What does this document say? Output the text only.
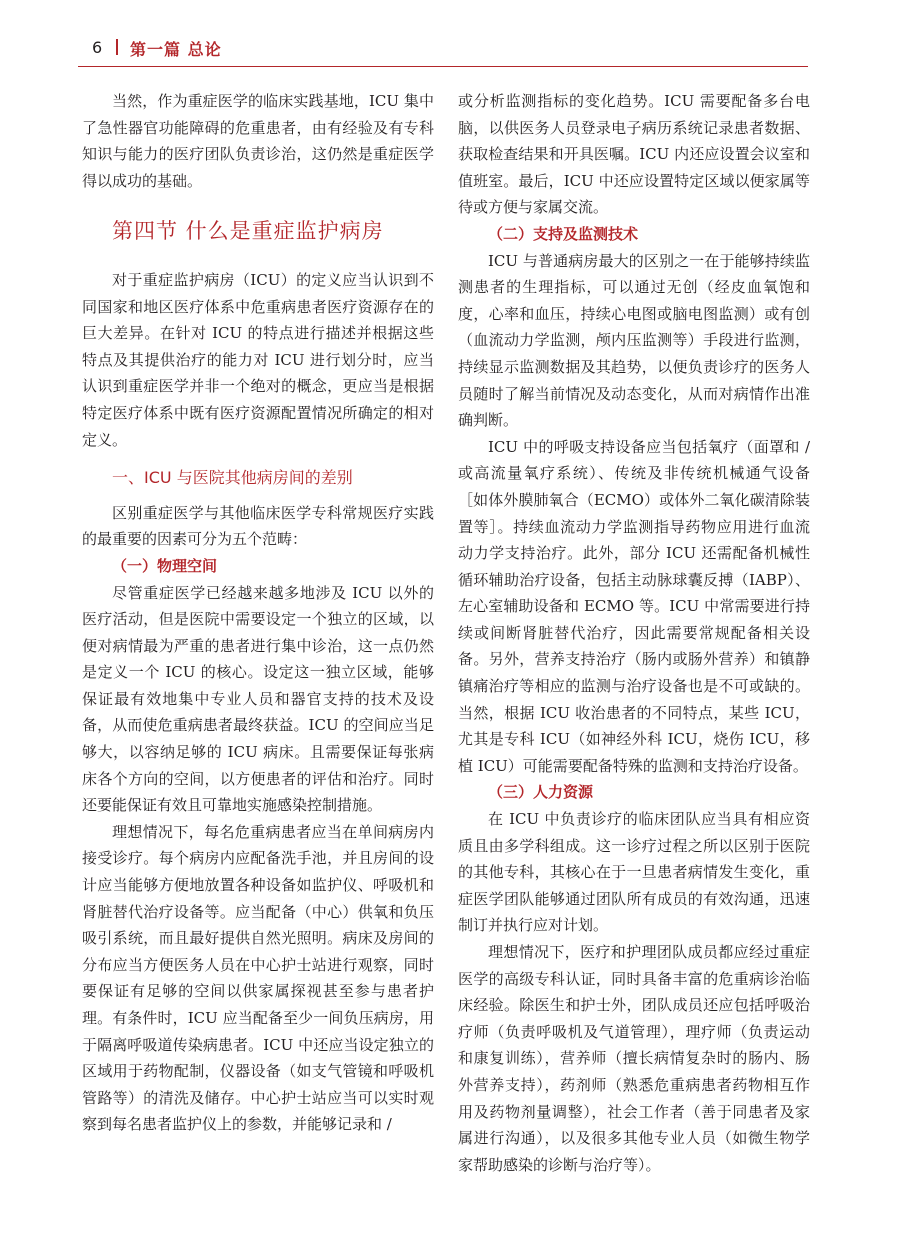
6 第一篇 总论

当然，作为重症医学的临床实践基地，ICU 集中了急性器官功能障碍的危重患者，由有经验及有专科知识与能力的医疗团队负责诊治，这仍然是重症医学得以成功的基础。

第四节 什么是重症监护病房

对于重症监护病房（ICU）的定义应当认识到不同国家和地区医疗体系中危重病患者医疗资源存在的巨大差异。在针对 ICU 的特点进行描述并根据这些特点及其提供治疗的能力对 ICU 进行划分时，应当认识到重症医学并非一个绝对的概念，更应当是根据特定医疗体系中既有医疗资源配置情况所确定的相对定义。

一、ICU 与医院其他病房间的差别

区别重症医学与其他临床医学专科常规医疗实践的最重要的因素可分为五个范畴：

（一）物理空间

尽管重症医学已经越来越多地涉及 ICU 以外的医疗活动，但是医院中需要设定一个独立的区域，以便对病情最为严重的患者进行集中诊治，这一点仍然是定义一个 ICU 的核心。设定这一独立区域，能够保证最有效地集中专业人员和器官支持的技术及设备，从而使危重病患者最终获益。ICU 的空间应当足够大，以容纳足够的 ICU 病床。且需要保证每张病床各个方向的空间，以方便患者的评估和治疗。同时还要能保证有效且可靠地实施感染控制措施。

理想情况下，每名危重病患者应当在单间病房内接受诊疗。每个病房内应配备洗手池，并且房间的设计应当能够方便地放置各种设备如监护仪、呼吸机和肾脏替代治疗设备等。应当配备（中心）供氧和负压吸引系统，而且最好提供自然光照明。病床及房间的分布应当方便医务人员在中心护士站进行观察，同时要保证有足够的空间以供家属探视甚至参与患者护理。有条件时，ICU 应当配备至少一间负压病房，用于隔离呼吸道传染病患者。ICU 中还应当设定独立的区域用于药物配制，仪器设备（如支气管镜和呼吸机管路等）的清洗及储存。中心护士站应当可以实时观察到每名患者监护仪上的参数，并能够记录和 /

或分析监测指标的变化趋势。ICU 需要配备多台电脑，以供医务人员登录电子病历系统记录患者数据、获取检查结果和开具医嘱。ICU 内还应设置会议室和值班室。最后，ICU 中还应设置特定区域以便家属等待或方便与家属交流。

（二）支持及监测技术

ICU 与普通病房最大的区别之一在于能够持续监测患者的生理指标，可以通过无创（经皮血氧饱和度，心率和血压，持续心电图或脑电图监测）或有创（血流动力学监测，颅内压监测等）手段进行监测，持续显示监测数据及其趋势，以便负责诊疗的医务人员随时了解当前情况及动态变化，从而对病情作出准确判断。

ICU 中的呼吸支持设备应当包括氧疗（面罩和 / 或高流量氧疗系统）、传统及非传统机械通气设备［如体外膜肺氧合（ECMO）或体外二氧化碳清除装置等］。持续血流动力学监测指导药物应用进行血流动力学支持治疗。此外，部分 ICU 还需配备机械性循环辅助治疗设备，包括主动脉球囊反搏（IABP）、左心室辅助设备和 ECMO 等。ICU 中常需要进行持续或间断肾脏替代治疗，因此需要常规配备相关设备。另外，营养支持治疗（肠内或肠外营养）和镇静镇痛治疗等相应的监测与治疗设备也是不可或缺的。当然，根据 ICU 收治患者的不同特点，某些 ICU，尤其是专科 ICU（如神经外科 ICU，烧伤 ICU，移植 ICU）可能需要配备特殊的监测和支持治疗设备。

（三）人力资源

在 ICU 中负责诊疗的临床团队应当具有相应资质且由多学科组成。这一诊疗过程之所以区别于医院的其他专科，其核心在于一旦患者病情发生变化，重症医学团队能够通过团队所有成员的有效沟通，迅速制订并执行应对计划。

理想情况下，医疗和护理团队成员都应经过重症医学的高级专科认证，同时具备丰富的危重病诊治临床经验。除医生和护士外，团队成员还应包括呼吸治疗师（负责呼吸机及气道管理），理疗师（负责运动和康复训练），营养师（擅长病情复杂时的肠内、肠外营养支持），药剂师（熟悉危重病患者药物相互作用及药物剂量调整），社会工作者（善于同患者及家属进行沟通），以及很多其他专业人员（如微生物学家帮助感染的诊断与治疗等）。
